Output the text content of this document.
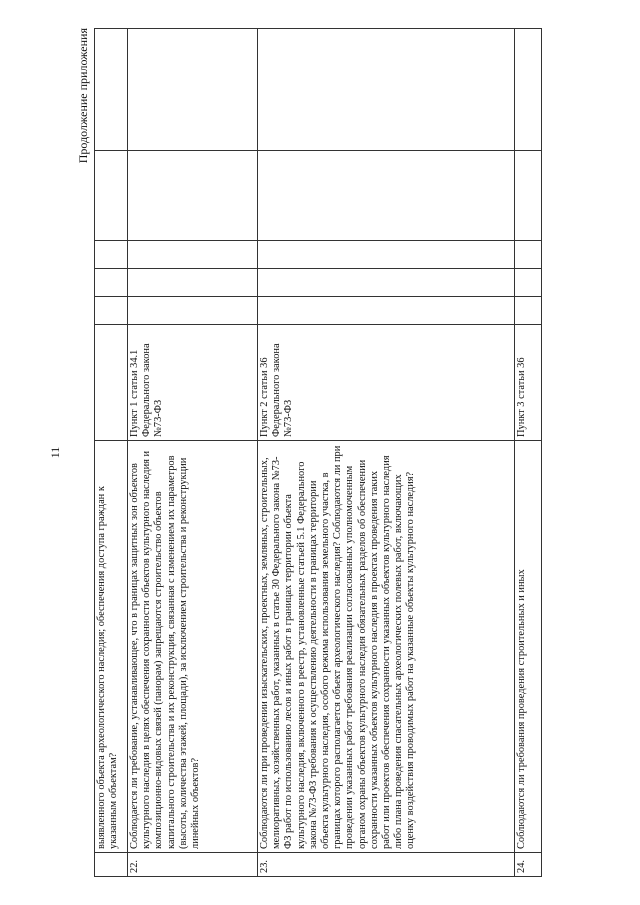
11
Продолжение приложения
	выявленного объекта археологического наследия; обеспечения доступа граждан к указанным объектам?						
22.	Соблюдается ли требование, устанавливающее, что в границах защитных зон объектов культурного наследия в целях обеспечения сохранности объектов культурного наследия и композиционно-видовых связей (панорам) запрещаются строительство объектов капитального строительства и их реконструкция, связанная с изменением их параметров (высоты, количества этажей, площади), за исключением строительства и реконструкции линейных объектов?	Пункт 1 статьи 34.1 Федерального закона №73-ФЗ					
23.	Соблюдаются ли при проведении изыскательских, проектных, земляных, строительных, мелиоративных, хозяйственных работ, указанных в статье 30 Федерального закона №73-ФЗ работ по использованию лесов и иных работ в границах территории объекта культурного наследия, включенного в реестр, установленные статьей 5.1 Федерального закона №73-ФЗ требования к осуществлению деятельности в границах территории объекта культурного наследия, особого режима использования земельного участка, в границах которого располагается объект археологического наследия? Соблюдаются ли при проведении указанных работ требования реализации согласованных уполномоченным органом охраны объектов культурного наследия обязательных разделов об обеспечении сохранности указанных объектов культурного наследия в проектах проведения таких работ или проектов обеспечения сохранности указанных объектов культурного наследия либо плана проведения спасательных археологических полевых работ, включающих оценку воздействия проводимых работ на указанные объекты культурного наследия?	Пункт 2 статьи 36 Федерального закона №73-ФЗ					
24.	Соблюдаются ли требования проведения строительных и иных	Пункт 3 статьи 36					
